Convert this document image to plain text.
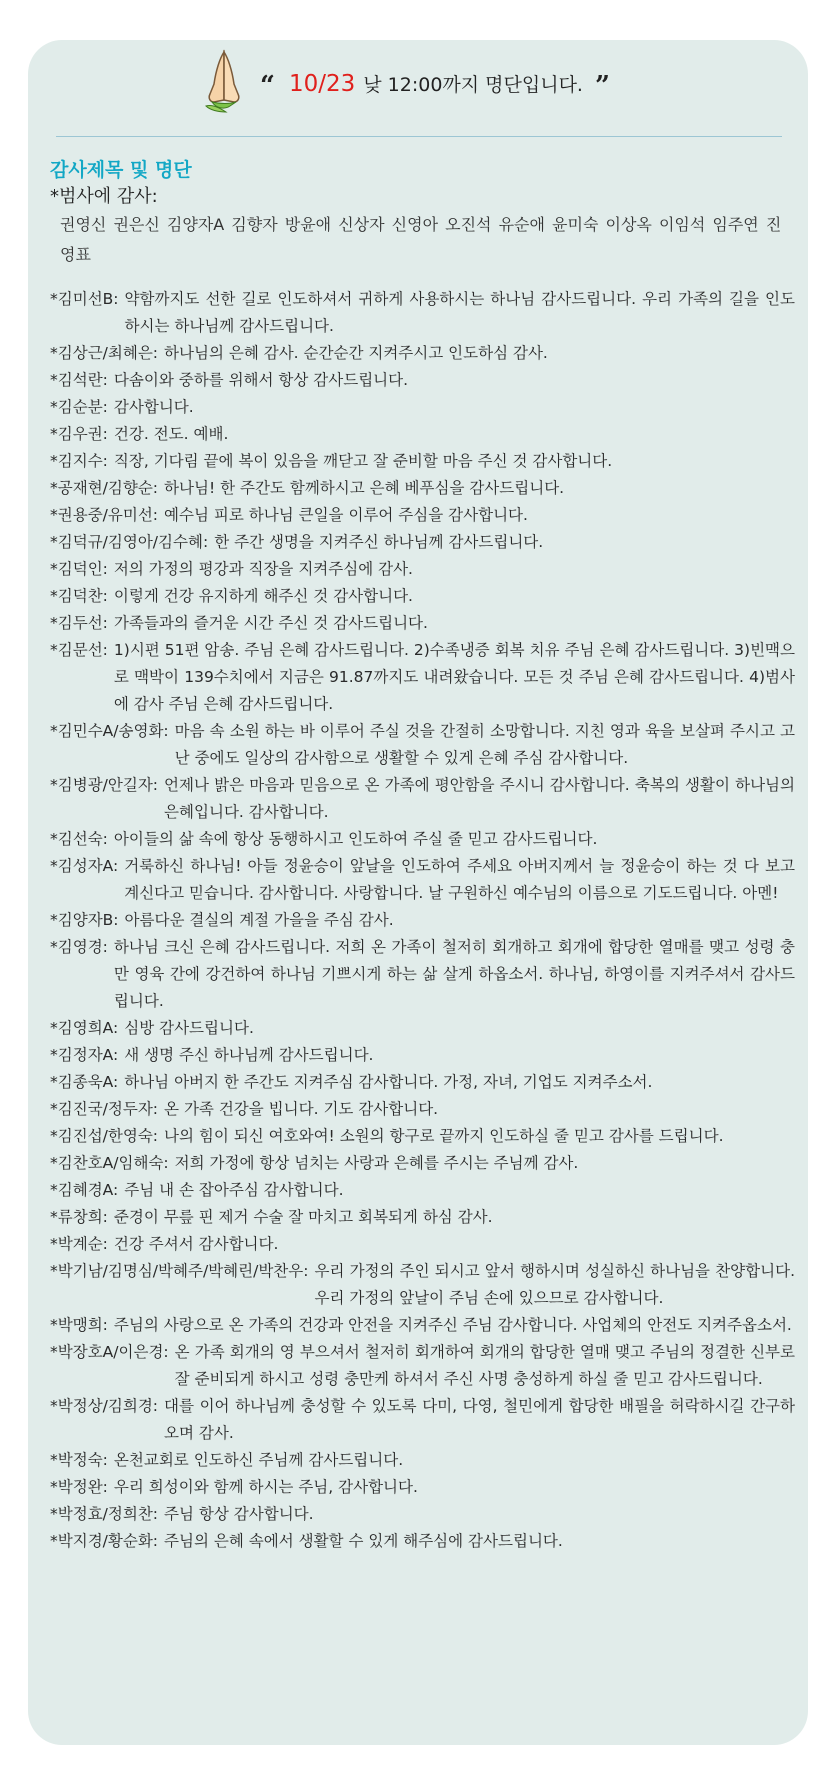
“ 10/23 낮 12:00까지 명단입니다. ”
감사제목 및 명단
*범사에 감사:
권영신 권은신 김양자A 김향자 방윤애 신상자 신영아 오진석 유순애 윤미숙 이상옥 이임석 임주연 진영표
*김미선B: 약함까지도 선한 길로 인도하셔서 귀하게 사용하시는 하나님 감사드립니다. 우리 가족의 길을 인도하시는 하나님께 감사드립니다.
*김상근/최혜은: 하나님의 은혜 감사. 순간순간 지켜주시고 인도하심 감사.
*김석란: 다솜이와 중하를 위해서 항상 감사드립니다.
*김순분: 감사합니다.
*김우권: 건강. 전도. 예배.
*김지수: 직장, 기다림 끝에 복이 있음을 깨닫고 잘 준비할 마음 주신 것 감사합니다.
*공재현/김향순: 하나님! 한 주간도 함께하시고 은혜 베푸심을 감사드립니다.
*권용중/유미선: 예수님 피로 하나님 큰일을 이루어 주심을 감사합니다.
*김덕규/김영아/김수혜: 한 주간 생명을 지켜주신 하나님께 감사드립니다.
*김덕인: 저의 가정의 평강과 직장을 지켜주심에 감사.
*김덕찬: 이렇게 건강 유지하게 해주신 것 감사합니다.
*김두선: 가족들과의 즐거운 시간 주신 것 감사드립니다.
*김문선: 1)시편 51편 암송. 주님 은혜 감사드립니다. 2)수족냉증 회복 치유 주님 은혜 감사드립니다. 3)빈맥으로 맥박이 139수치에서 지금은 91.87까지도 내려왔습니다. 모든 것 주님 은혜 감사드립니다. 4)범사에 감사 주님 은혜 감사드립니다.
*김민수A/송영화: 마음 속 소원 하는 바 이루어 주실 것을 간절히 소망합니다. 지친 영과 육을 보살펴 주시고 고난 중에도 일상의 감사함으로 생활할 수 있게 은혜 주심 감사합니다.
*김병광/안길자: 언제나 밝은 마음과 믿음으로 온 가족에 평안함을 주시니 감사합니다. 축복의 생활이 하나님의 은혜입니다. 감사합니다.
*김선숙: 아이들의 삶 속에 항상 동행하시고 인도하여 주실 줄 믿고 감사드립니다.
*김성자A: 거룩하신 하나님! 아들 정윤승이 앞날을 인도하여 주세요 아버지께서 늘 정윤승이 하는 것 다 보고 계신다고 믿습니다. 감사합니다. 사랑합니다. 날 구원하신 예수님의 이름으로 기도드립니다. 아멘!
*김양자B: 아름다운 결실의 계절 가을을 주심 감사.
*김영경: 하나님 크신 은혜 감사드립니다. 저희 온 가족이 철저히 회개하고 회개에 합당한 열매를 맺고 성령 충만 영육 간에 강건하여 하나님 기쁘시게 하는 삶 살게 하옵소서. 하나님, 하영이를 지켜주셔서 감사드립니다.
*김영희A: 심방 감사드립니다.
*김정자A: 새 생명 주신 하나님께 감사드립니다.
*김종욱A: 하나님 아버지 한 주간도 지켜주심 감사합니다. 가정, 자녀, 기업도 지켜주소서.
*김진국/정두자: 온 가족 건강을 빕니다. 기도 감사합니다.
*김진섭/한영숙: 나의 힘이 되신 여호와여! 소원의 항구로 끝까지 인도하실 줄 믿고 감사를 드립니다.
*김찬호A/임해숙: 저희 가정에 항상 넘치는 사랑과 은혜를 주시는 주님께 감사.
*김혜경A: 주님 내 손 잡아주심 감사합니다.
*류창희: 준경이 무릎 핀 제거 수술 잘 마치고 회복되게 하심 감사.
*박계순: 건강 주셔서 감사합니다.
*박기남/김명심/박혜주/박혜린/박찬우: 우리 가정의 주인 되시고 앞서 행하시며 성실하신 하나님을 찬양합니다. 우리 가정의 앞날이 주님 손에 있으므로 감사합니다.
*박맹희: 주님의 사랑으로 온 가족의 건강과 안전을 지켜주신 주님 감사합니다. 사업체의 안전도 지켜주옵소서.
*박장호A/이은경: 온 가족 회개의 영 부으셔서 철저히 회개하여 회개의 합당한 열매 맺고 주님의 정결한 신부로 잘 준비되게 하시고 성령 충만케 하셔서 주신 사명 충성하게 하실 줄 믿고 감사드립니다.
*박정상/김희경: 대를 이어 하나님께 충성할 수 있도록 다미, 다영, 철민에게 합당한 배필을 허락하시길 간구하오며 감사.
*박정숙: 온천교회로 인도하신 주님께 감사드립니다.
*박정완: 우리 희성이와 함께 하시는 주님, 감사합니다.
*박정효/정희찬: 주님 항상 감사합니다.
*박지경/황순화: 주님의 은혜 속에서 생활할 수 있게 해주심에 감사드립니다.
